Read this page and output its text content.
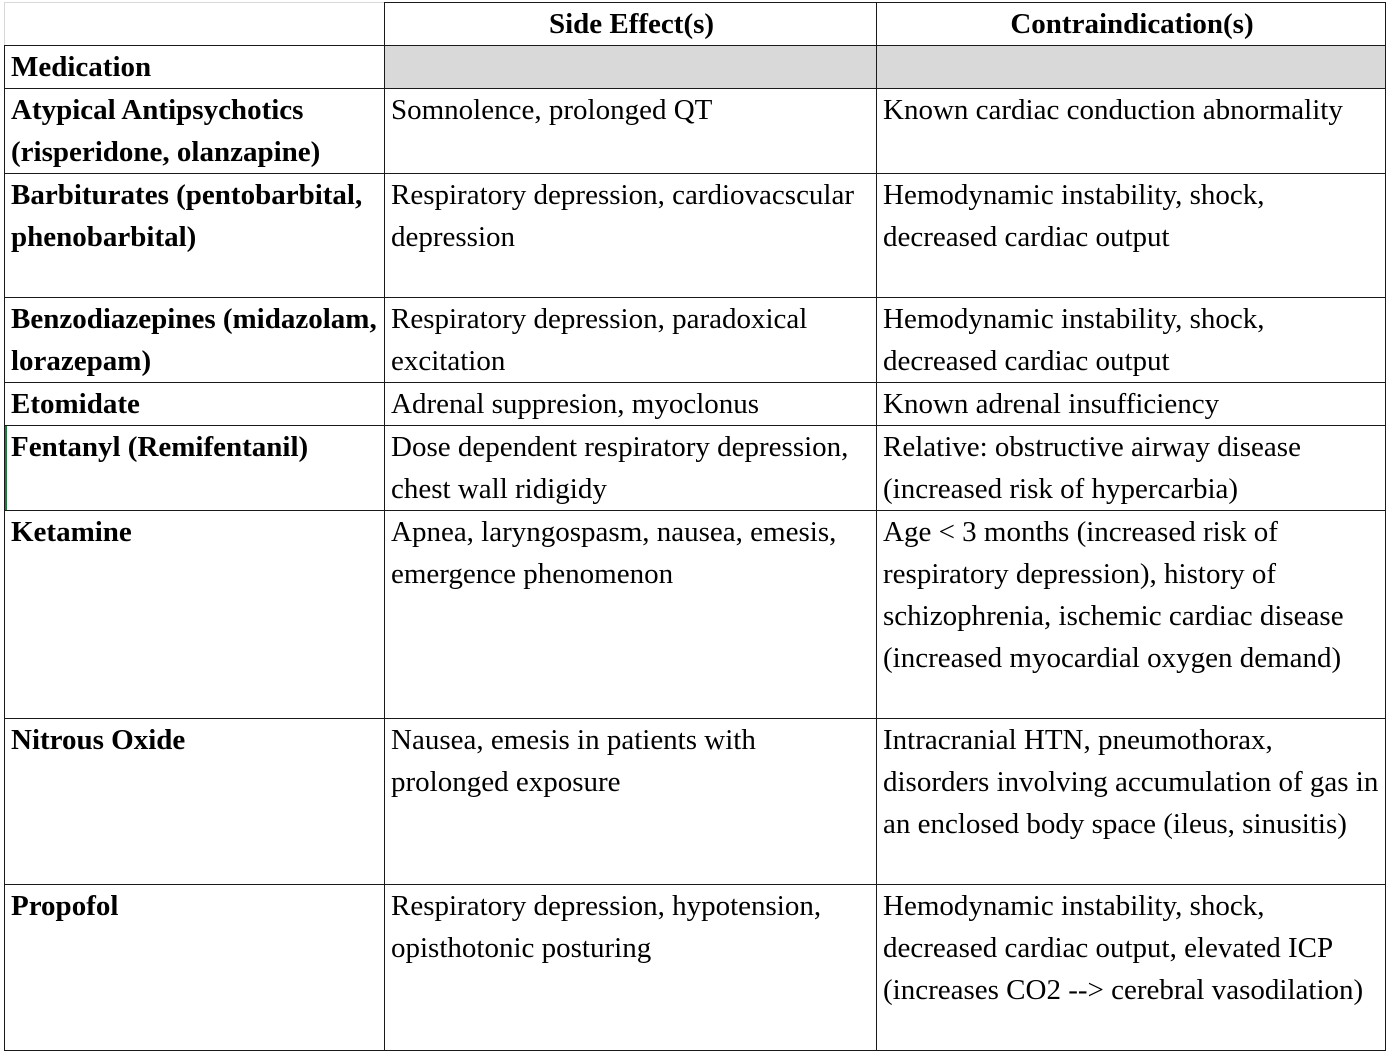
	Side Effect(s)	Contraindication(s)
Medication		
Atypical Antipsychotics (risperidone, olanzapine)	Somnolence, prolonged QT	Known cardiac conduction abnormality
Barbiturates (pentobarbital, phenobarbital)	Respiratory depression, cardiovacscular depression	Hemodynamic instability, shock, decreased cardiac output
Benzodiazepines (midazolam, lorazepam)	Respiratory depression, paradoxical excitation	Hemodynamic instability, shock, decreased cardiac output
Etomidate	Adrenal suppresion, myoclonus	Known adrenal insufficiency
Fentanyl (Remifentanil)	Dose dependent respiratory depression, chest wall ridigidy	Relative: obstructive airway disease (increased risk of hypercarbia)
Ketamine	Apnea, laryngospasm, nausea, emesis, emergence phenomenon	Age < 3 months (increased risk of respiratory depression), history of schizophrenia, ischemic cardiac disease (increased myocardial oxygen demand)
Nitrous Oxide	Nausea, emesis in patients with prolonged exposure	Intracranial HTN, pneumothorax, disorders involving accumulation of gas in an enclosed body space (ileus, sinusitis)
Propofol	Respiratory depression, hypotension, opisthotonic posturing	Hemodynamic instability, shock, decreased cardiac output, elevated ICP (increases CO2 --> cerebral vasodilation)
